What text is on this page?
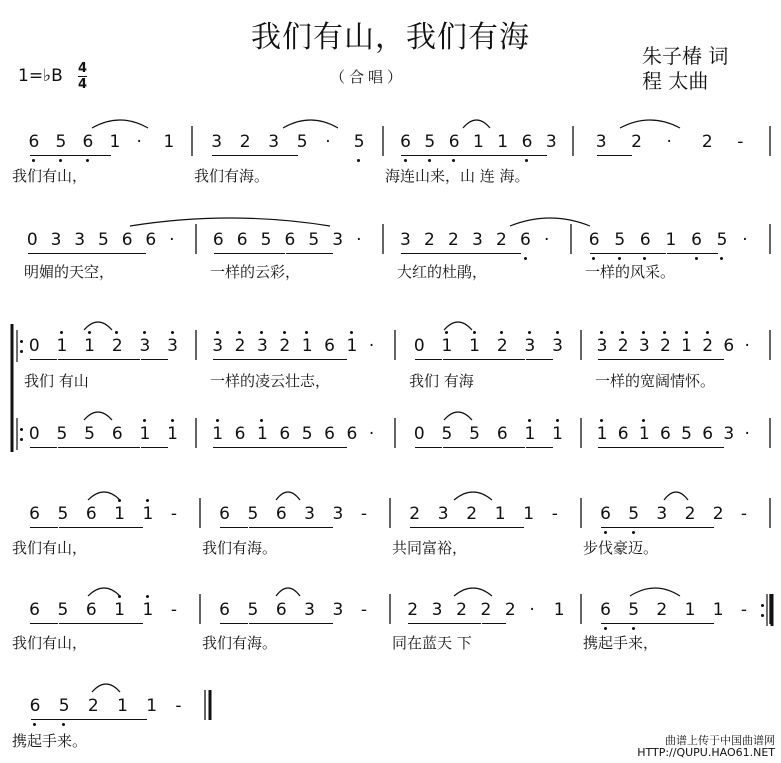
我们有山，我们有海
1=♭B 4
4	（合唱）
朱子椿 词
程 太曲
6 5 6 1 · 1
我们有山，
3 2 3 5 · 5
我们有海。
6 5 6 1 1 6 3
海连山来，山 连 海。
3 2 · 2 -
0 3 3 5 6 6 ·
明媚的天空，
6 6 5 6 5 3 ·
一样的云彩，
3 2 2 3 2 6 ·
大红的杜鹃，
6 5 6 1 6 5 ·
一样的风采。
0 1 1 2 3 3
我们 有山
3 2 3 2 1 6 1 ·
一样的凌云壮志，
0 1 1 2 3 3
我们 有海
3 2 3 2 1 2 6 ·
一样的宽阔情怀。
0 5 5 6 1 1 1 6 1 6 5 6 6 · 0 5 5 6 1 1 1 6 1 6 5 6 3 ·
6 5 6 1 1 -
我们有山，
6 5 6 3 3 -
我们有海。
2 3 2 1 1 -
共同富裕，
6 5 3 2 2 -
步伐豪迈。
6 5 6 1 1 -
我们有山，
6 5 6 3 3 -
我们有海。
2 3 2 2 2 · 1
同在蓝天 下
6 5 2 1 1 -
携起手来，
6 5 2 1 1 -
携起手来。	曲谱上传于中国曲谱网
HTTP://QUPU.HAO61.NET
